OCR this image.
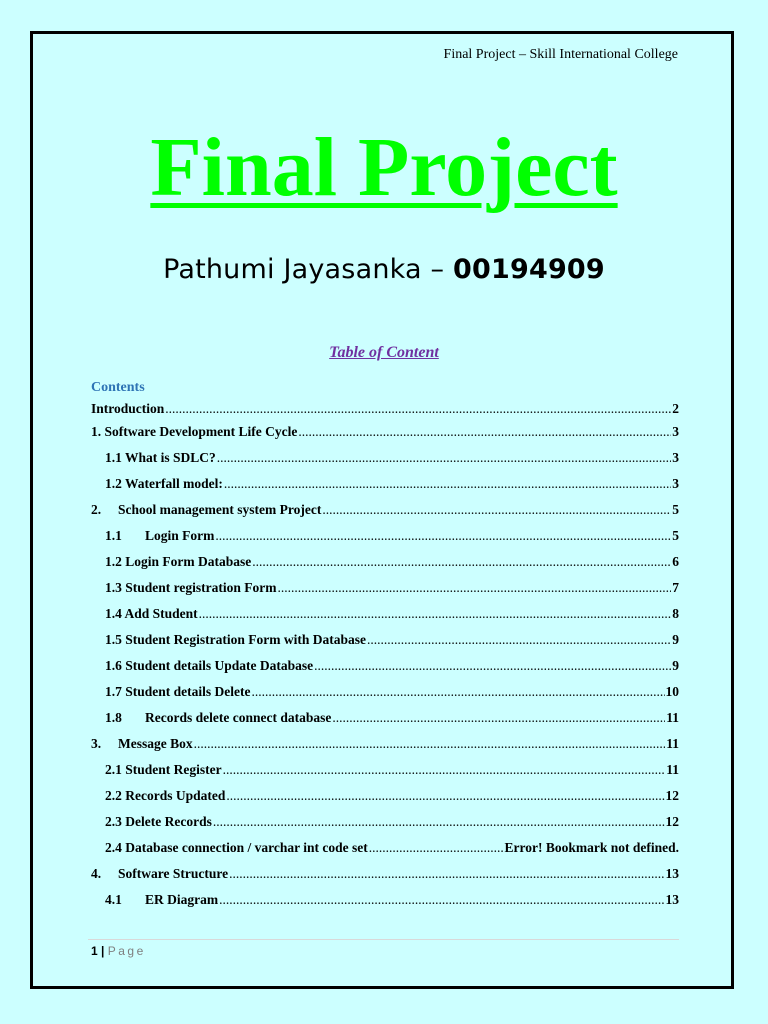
Final Project – Skill International College
Final Project
Pathumi Jayasanka – 00194909
Table of Content
Contents
Introduction .....	2
1. Software Development Life Cycle .....	3
1.1 What is SDLC? .....	3
1.2 Waterfall model: .....	3
2.	School management system Project .....	5
1.1	Login Form .....	5
1.2 Login Form Database .....	6
1.3 Student registration Form .....	7
1.4 Add Student .....	8
1.5 Student Registration Form with Database .....	9
1.6 Student details Update Database .....	9
1.7 Student details Delete .....	10
1.8	Records delete connect database .....	11
3.	Message Box .....	11
2.1 Student Register .....	11
2.2 Records Updated .....	12
2.3 Delete Records .....	12
2.4 Database connection / varchar int code set .....	Error! Bookmark not defined.
4.	Software Structure .....	13
4.1	ER Diagram .....	13
1 | Page
